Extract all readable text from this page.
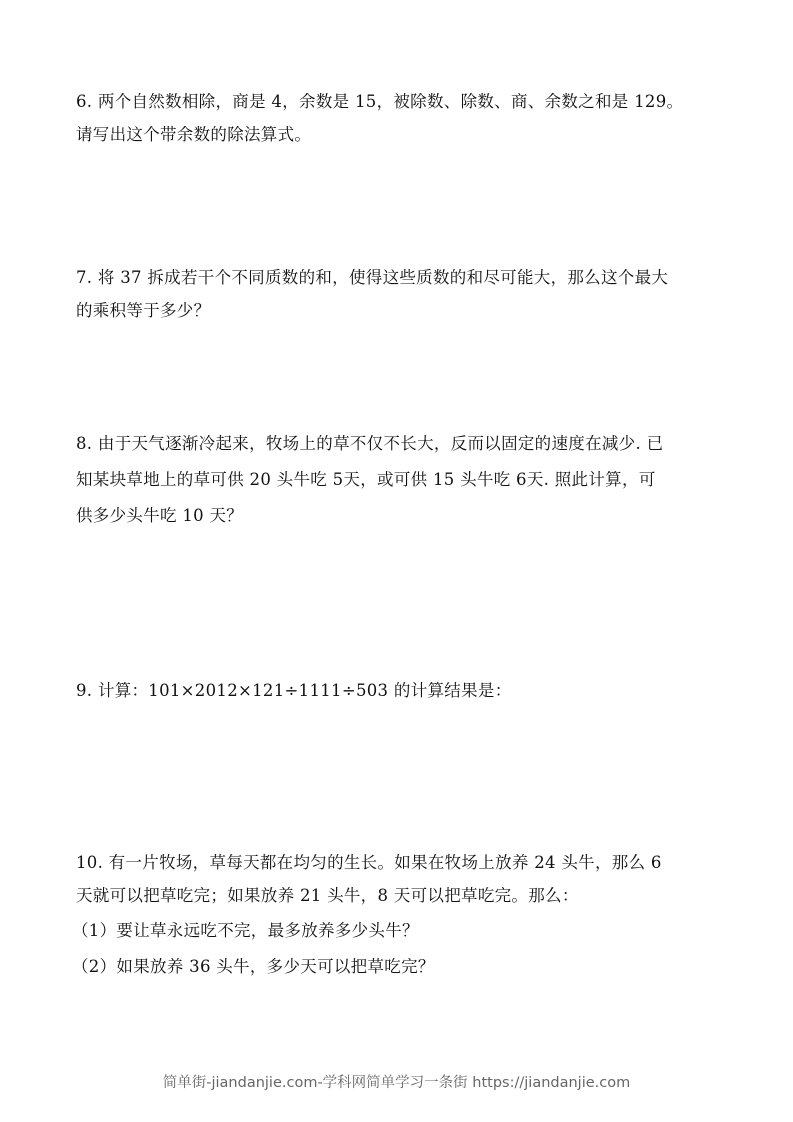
6. 两个自然数相除，商是 4，余数是 15，被除数、除数、商、余数之和是 129。
请写出这个带余数的除法算式。
7. 将 37 拆成若干个不同质数的和，使得这些质数的和尽可能大，那么这个最大
的乘积等于多少？
8. 由于天气逐渐冷起来，牧场上的草不仅不长大，反而以固定的速度在减少. 已
知某块草地上的草可供 20 头牛吃 5天，或可供 15 头牛吃 6天. 照此计算，可
供多少头牛吃 10 天？
9. 计算：101×2012×121÷1111÷503 的计算结果是：
10. 有一片牧场，草每天都在均匀的生长。如果在牧场上放养 24 头牛，那么 6
天就可以把草吃完；如果放养 21 头牛，8 天可以把草吃完。那么：
（1）要让草永远吃不完，最多放养多少头牛？
（2）如果放养 36 头牛，多少天可以把草吃完？
简单街-jiandanjie.com-学科网简单学习一条街 https://jiandanjie.com
